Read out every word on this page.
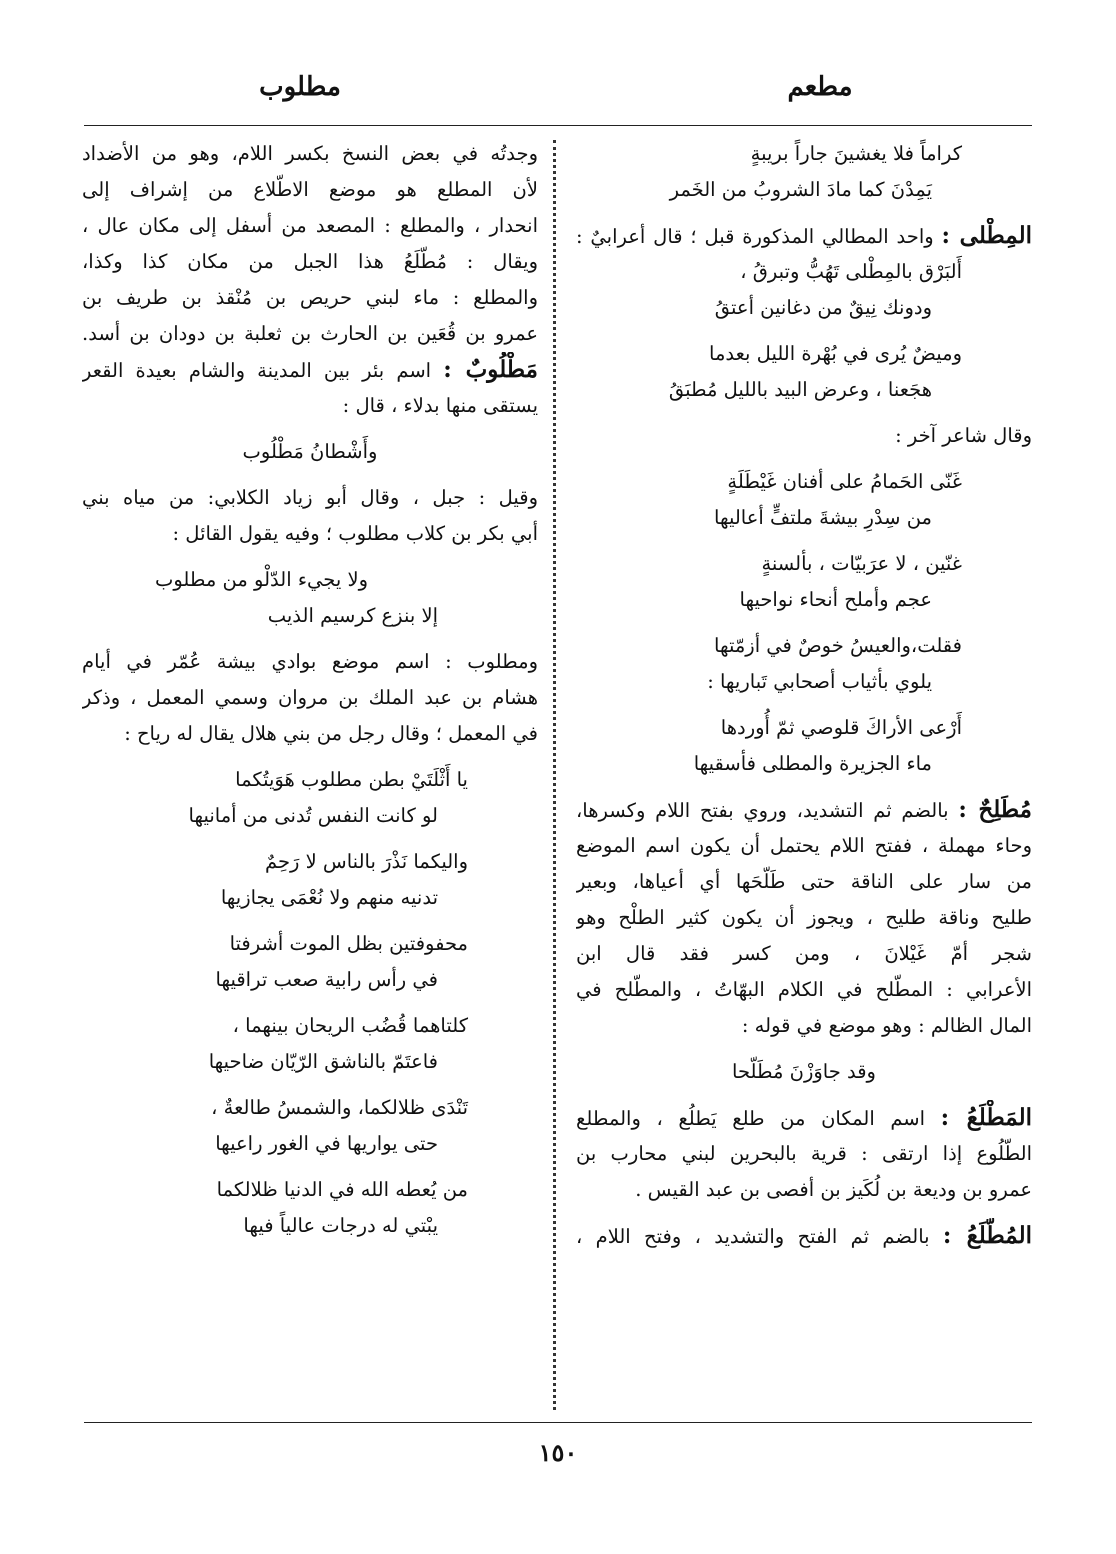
مطعم
مطلوب
كراماً فلا يغشينَ جاراً بريبةٍ
يَمِدْنَ كما مادَ الشروبُ من الخَمر
المِطْلى : واحد المطالي المذكورة قبل ؛ قال أعرابيٌ :
أَلبَرْق بالمِطْلى تَهُبُّ وتبرقُ ،
ودونك نِيقٌ من دغانين أعتقُ
وميضٌ يُرى في بُهْرة الليل بعدما
هجَعنا ، وعرض البيد بالليل مُطبَقُ
وقال شاعر آخر :
غَنّى الحَمامُ على أفنان غَيْطَلَةٍ
من سِدْرِ بيشةَ ملتفٍّ أعاليها
غنّين ، لا عرَبيّات ، بألسنةٍ
عجم وأملح أنحاء نواحيها
فقلت،والعيسُ خوصٌ في أزمّتها
يلوي بأثياب أصحابي تَباريها :
أَرْعى الأراكَ قلوصي ثمّ أُوردها
ماء الجزيرة والمطلى فأسقيها
مُطَلِحٌ : بالضم ثم التشديد، وروي بفتح اللام وكسرها،
وحاء مهملة ، ففتح اللام يحتمل أن يكون اسم الموضع
من سار على الناقة حتى طَلّحَها أي أعياها، وبعير
طليح وناقة طليح ، ويجوز أن يكون كثير الطلْح وهو
شجر أمّ غَيْلانَ ، ومن كسر فقد قال ابن
الأعرابي : المطّلح في الكلام البهّاتُ ، والمطّلح في
المال الظالم : وهو موضع في قوله :
وقد جاوَزْنَ مُطَلّحا
المَطْلَعُ : اسم المكان من طلع يَطلُع ، والمطلع
الطّلُوع إذا ارتقى : قرية بالبحرين لبني محارب بن
عمرو بن وديعة بن لُكَيز بن أفصى بن عبد القيس .
المُطّلَعُ : بالضم ثم الفتح والتشديد ، وفتح اللام ،
وجدتُه في بعض النسخ بكسر اللام، وهو من الأضداد
لأن المطلع هو موضع الاطّلاع من إشراف إلى
انحدار ، والمطلع : المصعد من أسفل إلى مكان عال ،
ويقال : مُطّلَعُ هذا الجبل من مكان كذا وكذا،
والمطلع : ماء لبني حريص بن مُنْقذ بن طريف بن
عمرو بن قُعَين بن الحارث بن ثعلبة بن دودان بن أسد.
مَطْلُوبٌ : اسم بئر بين المدينة والشام بعيدة القعر
يستقى منها بدلاء ، قال :
وأَشْطانُ مَطْلُوب
وقيل : جبل ، وقال أبو زياد الكلابي: من مياه بني
أبي بكر بن كلاب مطلوب ؛ وفيه يقول القائل :
ولا يجيء الدّلْو من مطلوب
إلا بنزع كرسيم الذيب
ومطلوب : اسم موضع بوادي بيشة عُمّر في أيام
هشام بن عبد الملك بن مروان وسمي المعمل ، وذكر
في المعمل ؛ وقال رجل من بني هلال يقال له رياح :
يا أَثْلَتَيْ بطن مطلوب هَوَيتُكما
لو كانت النفس تُدنى من أمانيها
واليكما نَذْرَ بالناس لا رَحِمٌ
تدنيه منهم ولا نُعْمَى يجازيها
محفوفتين بظل الموت أشرفتا
في رأس رابية صعب تراقيها
كلتاهما قُضُب الريحان بينهما ،
فاعتَمّ بالناشق الرّيّان ضاحيها
تَنْدَى ظلالكما، والشمسُ طالعةٌ ،
حتى يواريها في الغور راعيها
من يُعطه الله في الدنيا ظلالكما
يبْتي له درجات عالياً فيها
١٥٠
